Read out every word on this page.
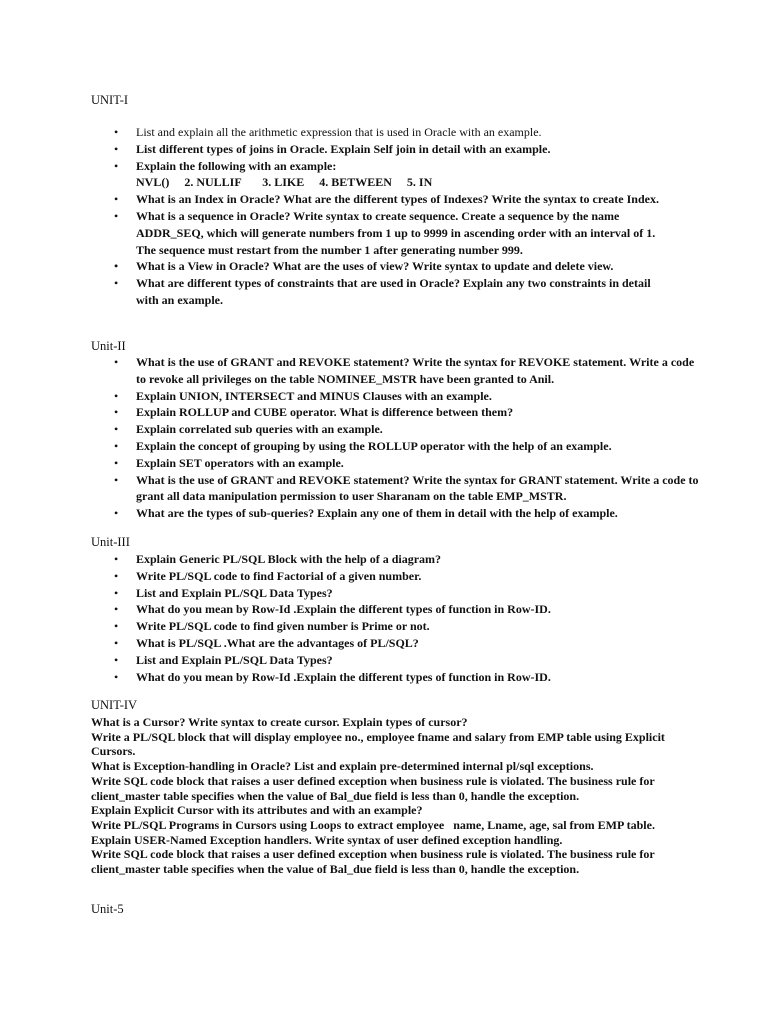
UNIT-I
• List and explain all the arithmetic expression that is used in Oracle with an example.
• List different types of joins in Oracle. Explain Self join in detail with an example.
• Explain the following with an example:
NVL()     2. NULLIF       3. LIKE     4. BETWEEN     5. IN
• What is an Index in Oracle? What are the different types of Indexes? Write the syntax to create Index.
• What is a sequence in Oracle? Write syntax to create sequence. Create a sequence by the name
ADDR_SEQ, which will generate numbers from 1 up to 9999 in ascending order with an interval of 1.
The sequence must restart from the number 1 after generating number 999.
• What is a View in Oracle? What are the uses of view? Write syntax to update and delete view.
• What are different types of constraints that are used in Oracle? Explain any two constraints in detail
with an example.
Unit-II
• What is the use of GRANT and REVOKE statement? Write the syntax for REVOKE statement. Write a code
to revoke all privileges on the table NOMINEE_MSTR have been granted to Anil.
• Explain UNION, INTERSECT and MINUS Clauses with an example.
• Explain ROLLUP and CUBE operator. What is difference between them?
• Explain correlated sub queries with an example.
• Explain the concept of grouping by using the ROLLUP operator with the help of an example.
• Explain SET operators with an example.
• What is the use of GRANT and REVOKE statement? Write the syntax for GRANT statement. Write a code to
grant all data manipulation permission to user Sharanam on the table EMP_MSTR.
• What are the types of sub-queries? Explain any one of them in detail with the help of example.
Unit-III
• Explain Generic PL/SQL Block with the help of a diagram?
• Write PL/SQL code to find Factorial of a given number.
• List and Explain PL/SQL Data Types?
• What do you mean by Row-Id .Explain the different types of function in Row-ID.
• Write PL/SQL code to find given number is Prime or not.
• What is PL/SQL .What are the advantages of PL/SQL?
• List and Explain PL/SQL Data Types?
• What do you mean by Row-Id .Explain the different types of function in Row-ID.
UNIT-IV
What is a Cursor? Write syntax to create cursor. Explain types of cursor?
Write a PL/SQL block that will display employee no., employee fname and salary from EMP table using Explicit
Cursors.
What is Exception-handling in Oracle? List and explain pre-determined internal pl/sql exceptions.
Write SQL code block that raises a user defined exception when business rule is violated. The business rule for
client_master table specifies when the value of Bal_due field is less than 0, handle the exception.
Explain Explicit Cursor with its attributes and with an example?
Write PL/SQL Programs in Cursors using Loops to extract employee   name, Lname, age, sal from EMP table.
Explain USER-Named Exception handlers. Write syntax of user defined exception handling.
Write SQL code block that raises a user defined exception when business rule is violated. The business rule for
client_master table specifies when the value of Bal_due field is less than 0, handle the exception.
Unit-5
